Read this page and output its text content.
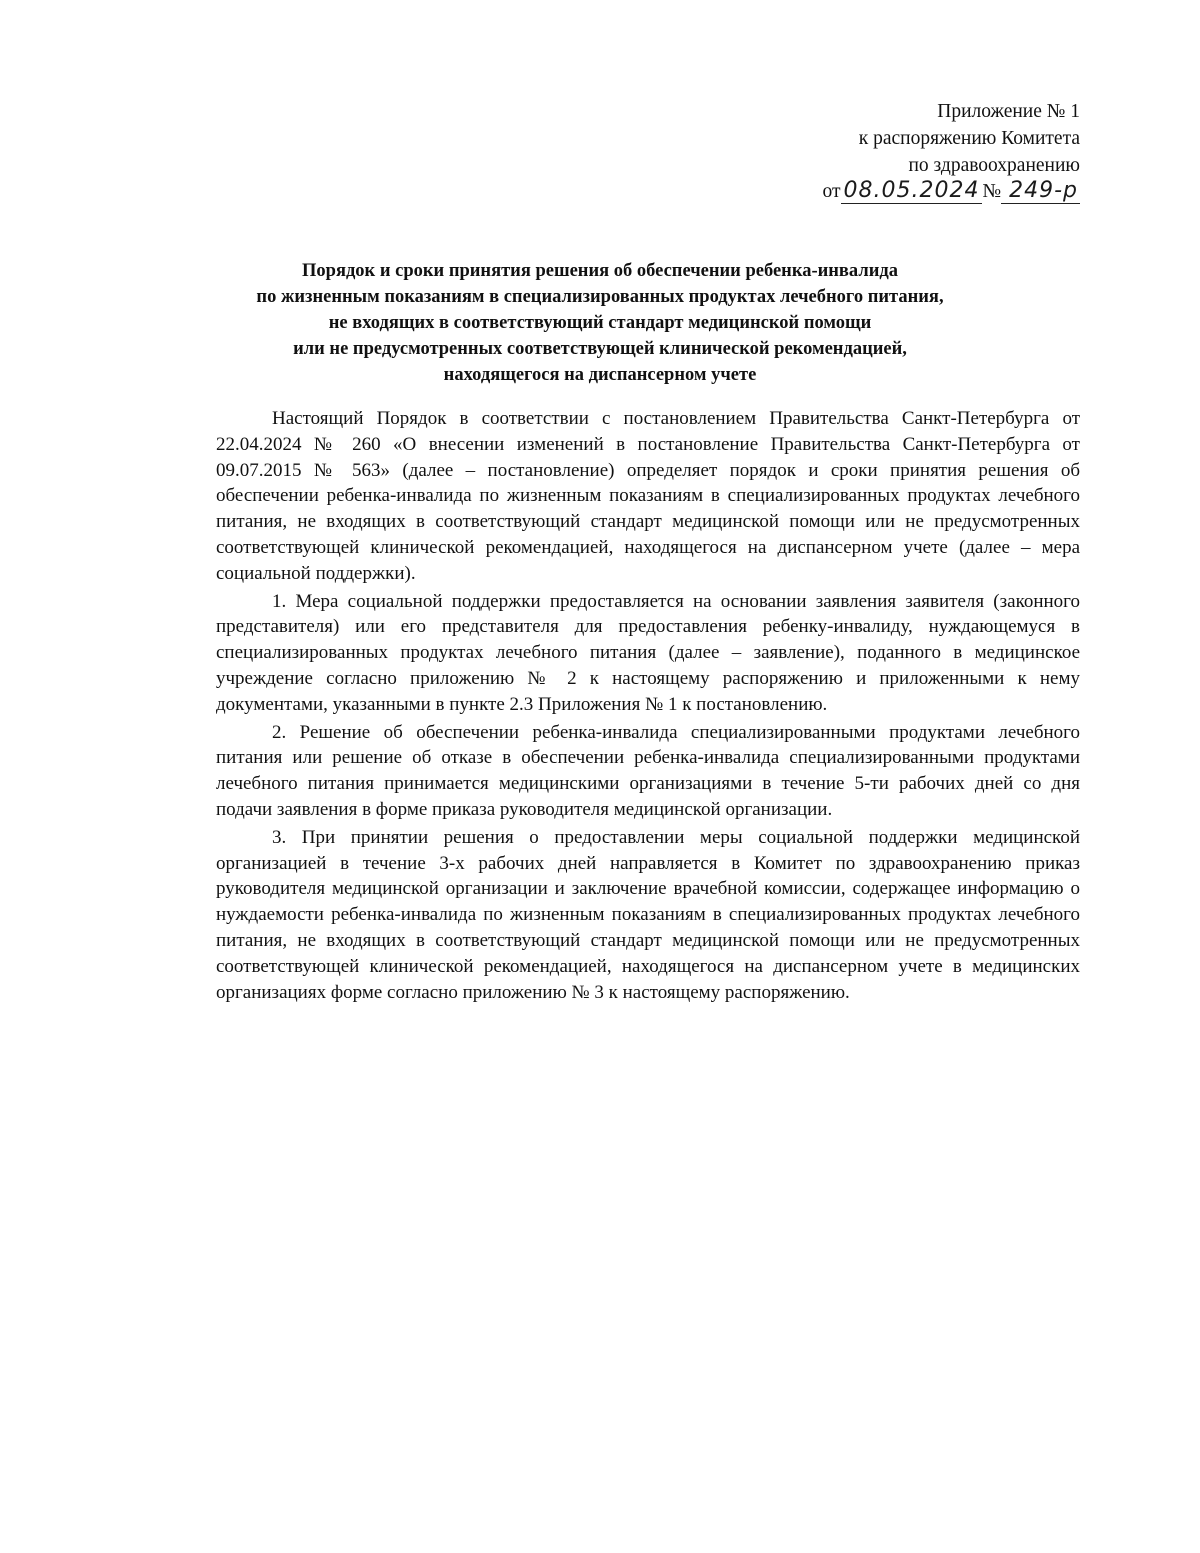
Приложение № 1
к распоряжению Комитета
по здравоохранению
от 08.05.2024 № 249-р
Порядок и сроки принятия решения об обеспечении ребенка-инвалида
по жизненным показаниям в специализированных продуктах лечебного питания,
не входящих в соответствующий стандарт медицинской помощи
или не предусмотренных соответствующей клинической рекомендацией,
находящегося на диспансерном учете

Настоящий Порядок в соответствии с постановлением Правительства Санкт-Петербурга от 22.04.2024 № 260 «О внесении изменений в постановление Правительства Санкт-Петербурга от 09.07.2015 № 563» (далее – постановление) определяет порядок и сроки принятия решения об обеспечении ребенка-инвалида по жизненным показаниям в специализированных продуктах лечебного питания, не входящих в соответствующий стандарт медицинской помощи или не предусмотренных соответствующей клинической рекомендацией, находящегося на диспансерном учете (далее – мера социальной поддержки).

1. Мера социальной поддержки предоставляется на основании заявления заявителя (законного представителя) или его представителя для предоставления ребенку-инвалиду, нуждающемуся в специализированных продуктах лечебного питания (далее – заявление), поданного в медицинское учреждение согласно приложению № 2 к настоящему распоряжению и приложенными к нему документами, указанными в пункте 2.3 Приложения № 1 к постановлению.

2. Решение об обеспечении ребенка-инвалида специализированными продуктами лечебного питания или решение об отказе в обеспечении ребенка-инвалида специализированными продуктами лечебного питания принимается медицинскими организациями в течение 5-ти рабочих дней со дня подачи заявления в форме приказа руководителя медицинской организации.

3. При принятии решения о предоставлении меры социальной поддержки медицинской организацией в течение 3-х рабочих дней направляется в Комитет по здравоохранению приказ руководителя медицинской организации и заключение врачебной комиссии, содержащее информацию о нуждаемости ребенка-инвалида по жизненным показаниям в специализированных продуктах лечебного питания, не входящих в соответствующий стандарт медицинской помощи или не предусмотренных соответствующей клинической рекомендацией, находящегося на диспансерном учете в медицинских организациях форме согласно приложению № 3 к настоящему распоряжению.
